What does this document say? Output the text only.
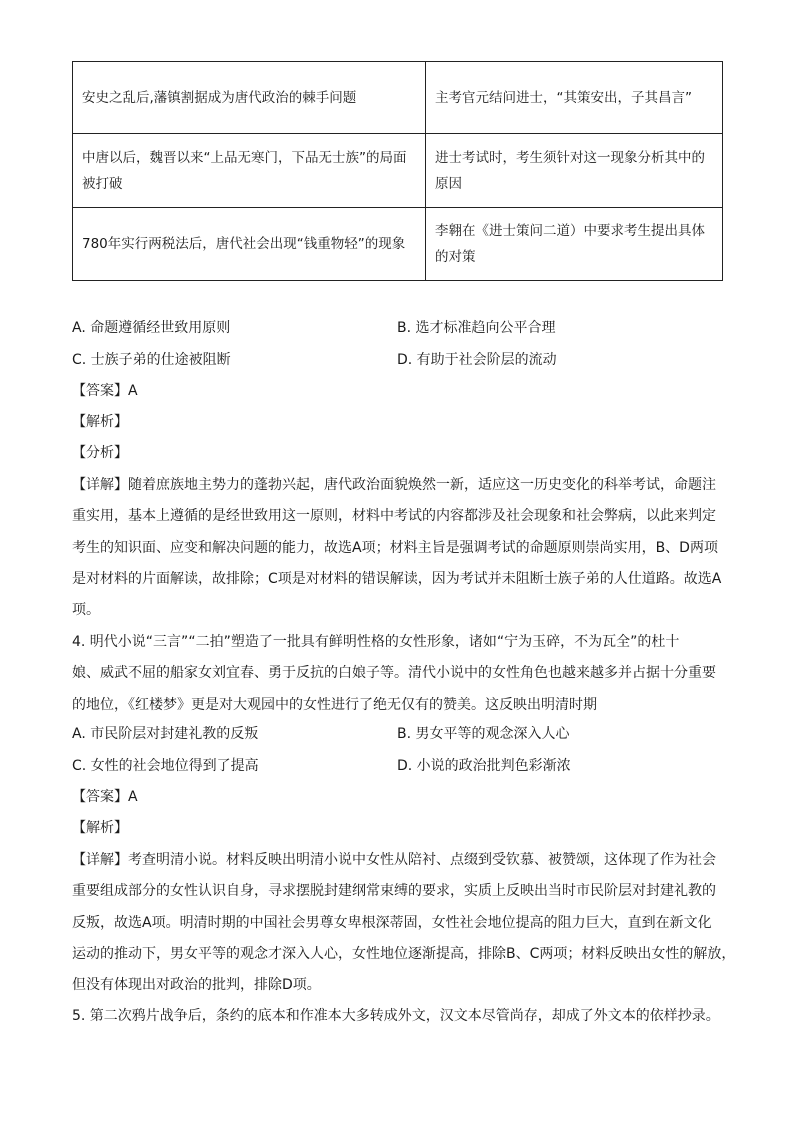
安史之乱后,藩镇割据成为唐代政治的棘手问题	主考官元结问进士，“其策安出，子其昌言”
中唐以后，魏晋以来“上品无寒门，下品无士族”的局面被打破	进士考试时，考生须针对这一现象分析其中的原因
780年实行两税法后，唐代社会出现“钱重物轻”的现象	李翱在《进士策问二道）中要求考生提出具体的对策
A. 命题遵循经世致用原则	B. 选才标准趋向公平合理
C. 士族子弟的仕途被阻断	D. 有助于社会阶层的流动
【答案】A
【解析】
【分析】
【详解】随着庶族地主势力的蓬勃兴起，唐代政治面貌焕然一新，适应这一历史变化的科举考试，命题注
重实用，基本上遵循的是经世致用这一原则，材料中考试的内容都涉及社会现象和社会弊病，以此来判定
考生的知识面、应变和解决问题的能力，故选A项；材料主旨是强调考试的命题原则崇尚实用，B、D两项
是对材料的片面解读，故排除；C项是对材料的错误解读，因为考试并未阻断士族子弟的人仕道路。故选A
项。
4. 明代小说“三言”“二拍”塑造了一批具有鲜明性格的女性形象，诸如“宁为玉碎，不为瓦全”的杜十
娘、威武不屈的船家女刘宜春、勇于反抗的白娘子等。清代小说中的女性角色也越来越多并占据十分重要
的地位，《红楼梦》更是对大观园中的女性进行了绝无仅有的赞美。这反映出明清时期
A. 市民阶层对封建礼教的反叛	B. 男女平等的观念深入人心
C. 女性的社会地位得到了提高	D. 小说的政治批判色彩渐浓
【答案】A
【解析】
【详解】考查明清小说。材料反映出明清小说中女性从陪衬、点缀到受钦慕、被赞颂，这体现了作为社会
重要组成部分的女性认识自身，寻求摆脱封建纲常束缚的要求，实质上反映出当时市民阶层对封建礼教的
反叛，故选A项。明清时期的中国社会男尊女卑根深蒂固，女性社会地位提高的阻力巨大，直到在新文化
运动的推动下，男女平等的观念才深入人心，女性地位逐渐提高，排除B、C两项；材料反映出女性的解放，
但没有体现出对政治的批判，排除D项。
5. 第二次鸦片战争后，条约的底本和作准本大多转成外文，汉文本尽管尚存，却成了外文本的依样抄录。
